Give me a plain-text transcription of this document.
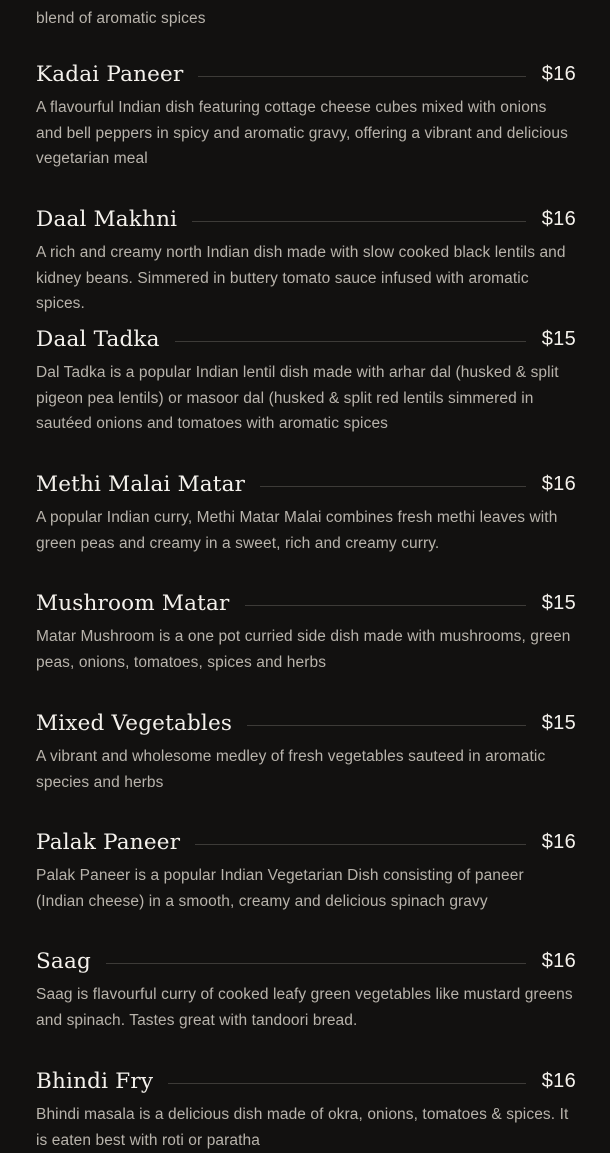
blend of aromatic spices
Kadai Paneer	$16
A flavourful Indian dish featuring cottage cheese cubes mixed with onions and bell peppers in spicy and aromatic gravy, offering a vibrant and delicious vegetarian meal
Daal Makhni	$16
A rich and creamy north Indian dish made with slow cooked black lentils and kidney beans. Simmered in buttery tomato sauce infused with aromatic spices.
Daal Tadka	$15
Dal Tadka is a popular Indian lentil dish made with arhar dal (husked & split pigeon pea lentils) or masoor dal (husked & split red lentils simmered in sautéed onions and tomatoes with aromatic spices
Methi Malai Matar	$16
A popular Indian curry, Methi Matar Malai combines fresh methi leaves with green peas and creamy in a sweet, rich and creamy curry.
Mushroom Matar	$15
Matar Mushroom is a one pot curried side dish made with mushrooms, green peas, onions, tomatoes, spices and herbs
Mixed Vegetables	$15
A vibrant and wholesome medley of fresh vegetables sauteed in aromatic species and herbs
Palak Paneer	$16
Palak Paneer is a popular Indian Vegetarian Dish consisting of paneer (Indian cheese) in a smooth, creamy and delicious spinach gravy
Saag	$16
Saag is flavourful curry of cooked leafy green vegetables like mustard greens and spinach. Tastes great with tandoori bread.
Bhindi Fry	$16
Bhindi masala is a delicious dish made of okra, onions, tomatoes & spices. It is eaten best with roti or paratha
